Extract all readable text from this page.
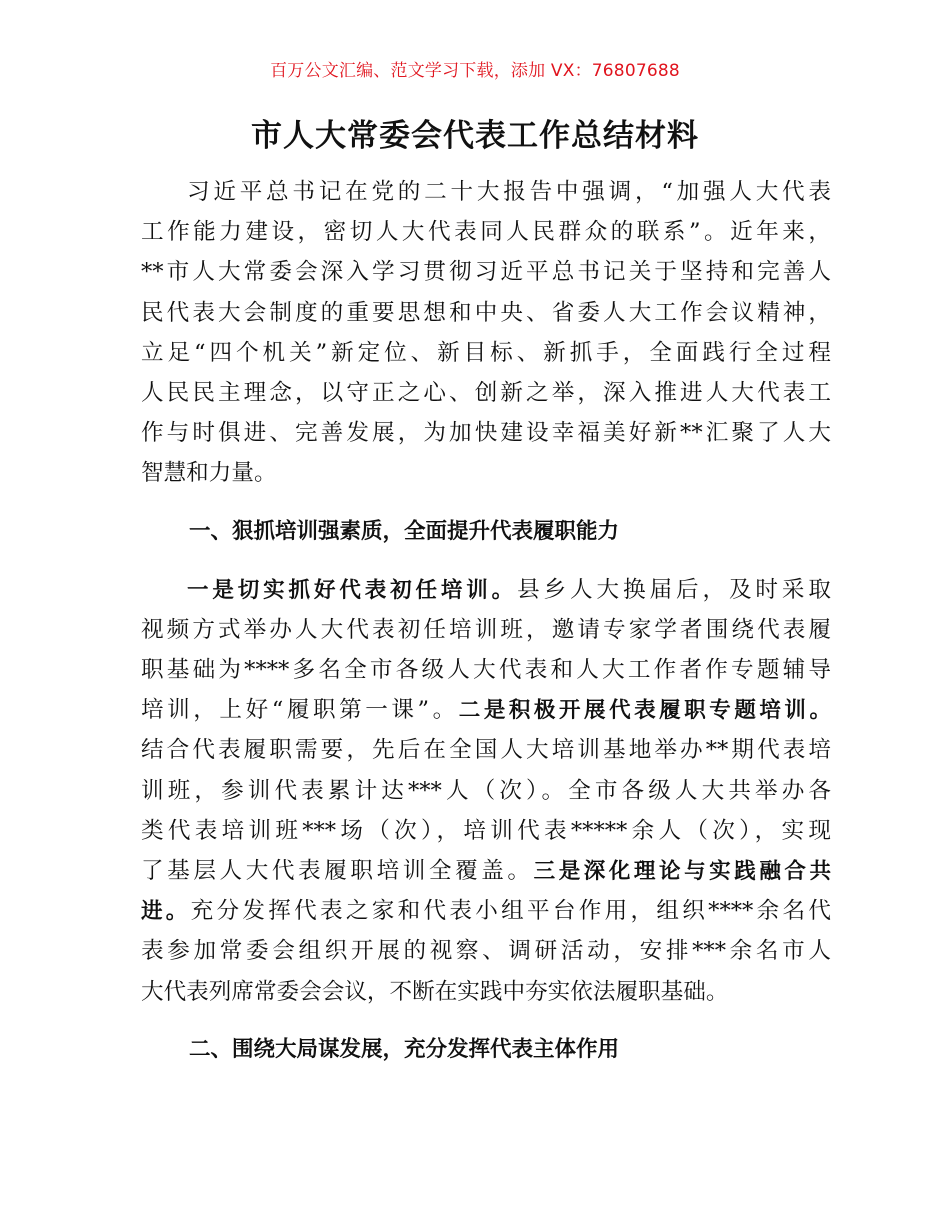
百万公文汇编、范文学习下载，添加 VX：76807688
市人大常委会代表工作总结材料
习近平总书记在党的二十大报告中强调，“加强人大代表
工作能力建设，密切人大代表同人民群众的联系”。近年来，
**市人大常委会深入学习贯彻习近平总书记关于坚持和完善人
民代表大会制度的重要思想和中央、省委人大工作会议精神，
立足“四个机关”新定位、新目标、新抓手，全面践行全过程
人民民主理念，以守正之心、创新之举，深入推进人大代表工
作与时俱进、完善发展，为加快建设幸福美好新**汇聚了人大
智慧和力量。
一、狠抓培训强素质，全面提升代表履职能力
一是切实抓好代表初任培训。县乡人大换届后，及时采取
视频方式举办人大代表初任培训班，邀请专家学者围绕代表履
职基础为****多名全市各级人大代表和人大工作者作专题辅导
培训，上好“履职第一课”。二是积极开展代表履职专题培训。
结合代表履职需要，先后在全国人大培训基地举办**期代表培
训班，参训代表累计达***人（次）。全市各级人大共举办各
类代表培训班***场（次），培训代表*****余人（次），实现
了基层人大代表履职培训全覆盖。三是深化理论与实践融合共
进。充分发挥代表之家和代表小组平台作用，组织****余名代
表参加常委会组织开展的视察、调研活动，安排***余名市人
大代表列席常委会会议，不断在实践中夯实依法履职基础。
二、围绕大局谋发展，充分发挥代表主体作用
